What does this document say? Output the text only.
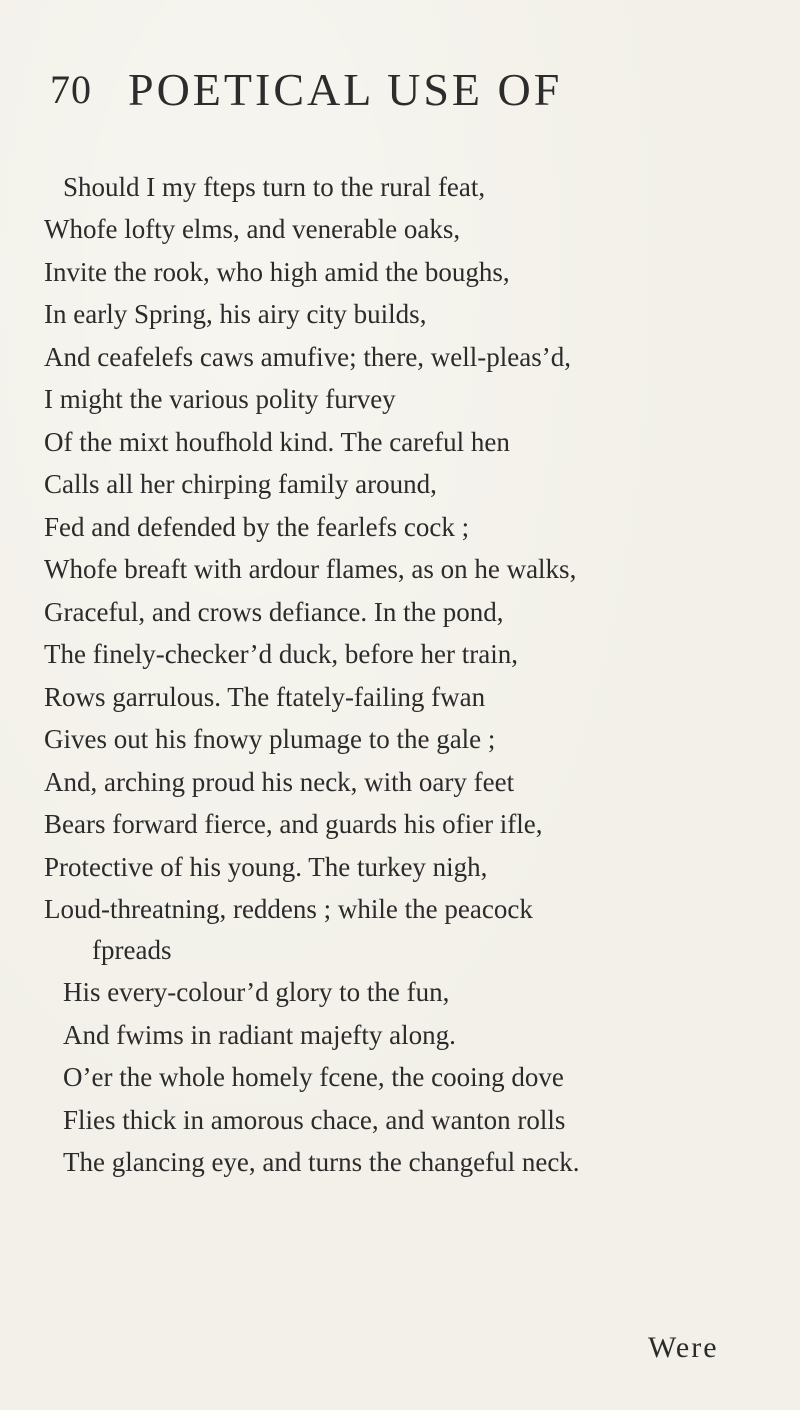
70 POETICAL USE OF
Should I my fteps turn to the rural feat,
Whofe lofty elms, and venerable oaks,
Invite the rook, who high amid the boughs,
In early Spring, his airy city builds,
And ceafelefs caws amufive; there, well-pleas’d,
I might the various polity furvey
Of the mixt houfhold kind. The careful hen
Calls all her chirping family around,
Fed and defended by the fearlefs cock ;
Whofe breaft with ardour flames, as on he walks,
Graceful, and crows defiance. In the pond,
The finely-checker’d duck, before her train,
Rows garrulous. The ftately-failing fwan
Gives out his fnowy plumage to the gale ;
And, arching proud his neck, with oary feet
Bears forward fierce, and guards his ofier ifle,
Protective of his young. The turkey nigh,
Loud-threatning, reddens ; while the peacock
fpreads
His every-colour’d glory to the fun,
And fwims in radiant majefty along.
O’er the whole homely fcene, the cooing dove
Flies thick in amorous chace, and wanton rolls
The glancing eye, and turns the changeful neck.
Were
